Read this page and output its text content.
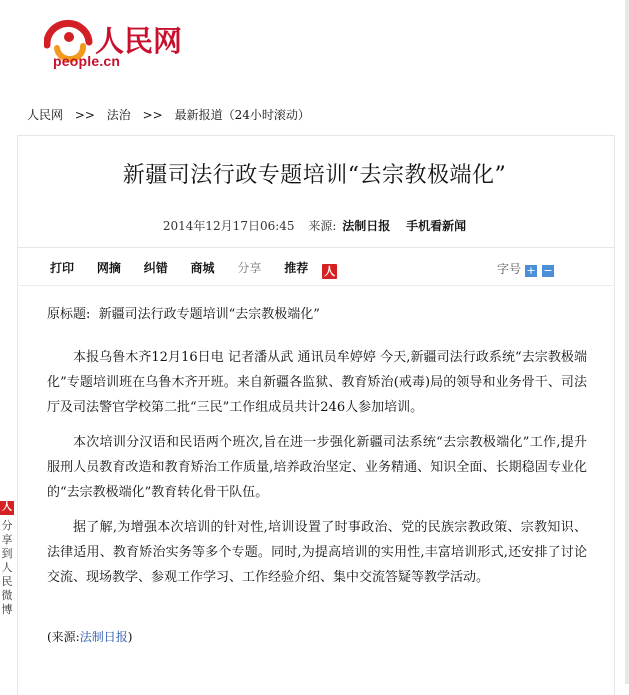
人民网
people.cn
人民网 >> 法治 >> 最新报道（24小时滚动）
新疆司法行政专题培训“去宗教极端化”
2014年12月17日06:45 来源: 法制日报 手机看新闻
打印 网摘 纠错 商城 分享 推荐 人	字号 + −
原标题: 新疆司法行政专题培训“去宗教极端化”

本报乌鲁木齐12月16日电 记者潘从武 通讯员牟婷婷 今天,新疆司法行政系统“去宗教极端化”专题培训班在乌鲁木齐开班。来自新疆各监狱、教育矫治(戒毒)局的领导和业务骨干、司法厅及司法警官学校第二批“三民”工作组成员共计246人参加培训。

本次培训分汉语和民语两个班次,旨在进一步强化新疆司法系统“去宗教极端化”工作,提升服刑人员教育改造和教育矫治工作质量,培养政治坚定、业务精通、知识全面、长期稳固专业化的“去宗教极端化”教育转化骨干队伍。

据了解,为增强本次培训的针对性,培训设置了时事政治、党的民族宗教政策、宗教知识、法律适用、教育矫治实务等多个专题。同时,为提高培训的实用性,丰富培训形式,还安排了讨论交流、现场教学、参观工作学习、工作经验介绍、集中交流答疑等教学活动。

(来源:法制日报)
人
分享到人民微博
